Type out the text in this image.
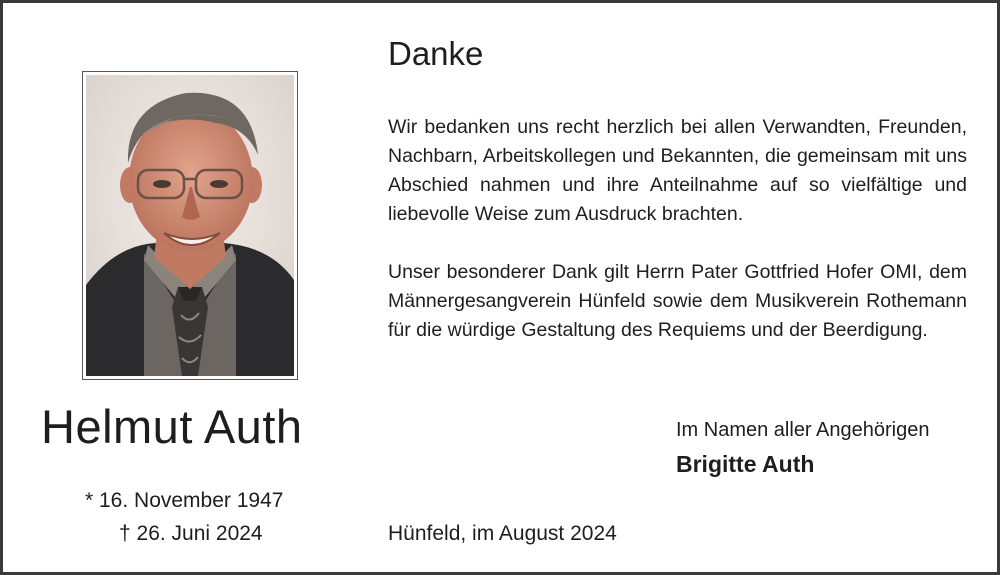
Helmut Auth
* 16. November 1947
† 26. Juni 2024
Danke

Wir bedanken uns recht herzlich bei allen Verwandten, Freunden, Nachbarn, Arbeitskollegen und Bekannten, die gemeinsam mit uns Abschied nahmen und ihre Anteilnahme auf so vielfältige und liebevolle Weise zum Ausdruck brachten.

Unser besonderer Dank gilt Herrn Pater Gottfried Hofer OMI, dem Männergesangverein Hünfeld sowie dem Musikverein Rothemann für die würdige Gestaltung des Requiems und der Beerdigung.

Im Namen aller Angehörigen
Brigitte Auth
Hünfeld, im August 2024
